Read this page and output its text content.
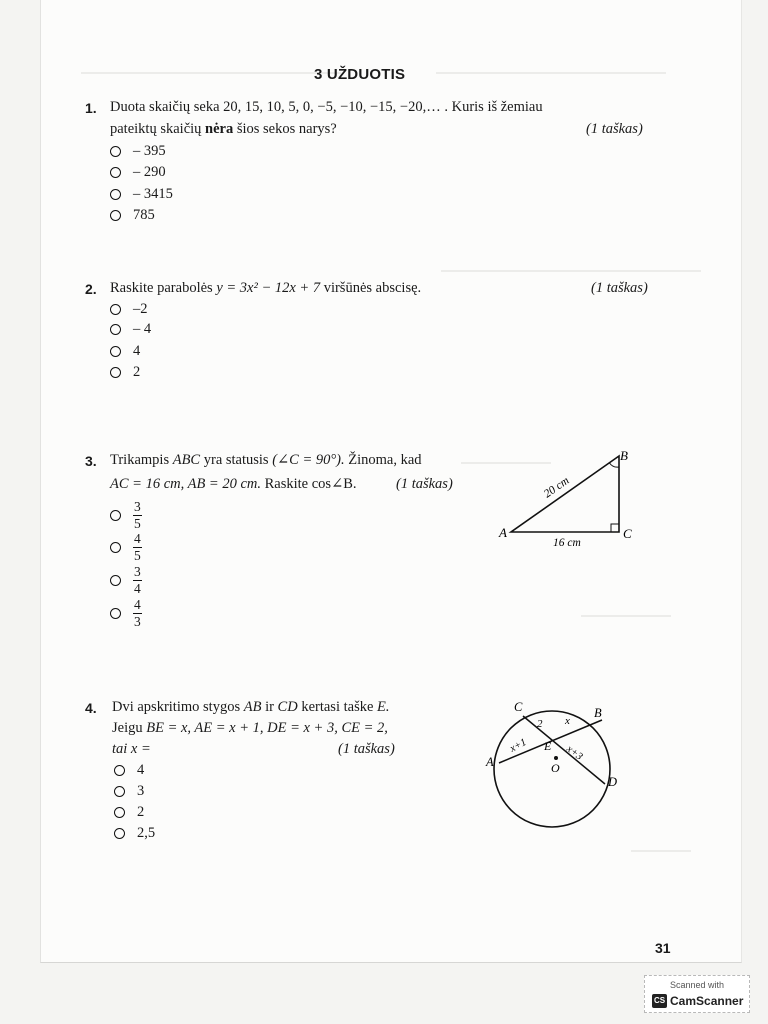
3 UŽDUOTIS
1. Duota skaičių seka 20, 15, 10, 5, 0, −5, −10, −15, −20,… . Kuris iš žemiau
pateiktų skaičių nėra šios sekos narys?	(1 taškas)
– 395
– 290
– 3415
785
2. Raskite parabolės y = 3x² − 12x + 7 viršūnės abscisę.	(1 taškas)
–2
– 4
4
2
3. Trikampis ABC yra statusis (∠C = 90°). Žinoma, kad
AC = 16 cm, AB = 20 cm. Raskite cos∠B.	(1 taškas)
$\frac{3}{5}$
$\frac{4}{5}$
$\frac{3}{4}$
$\frac{4}{3}$
A
B
C
20 cm
16 cm
4. Dvi apskritimo stygos AB ir CD kertasi taške E.
Jeigu BE = x, AE = x + 1, DE = x + 3, CE = 2,
tai x =	(1 taškas)
4
3
2
2,5
C	B
A
D
E
O
2 x
x+1	x+3
31
Scanned with
CS CamScanner
